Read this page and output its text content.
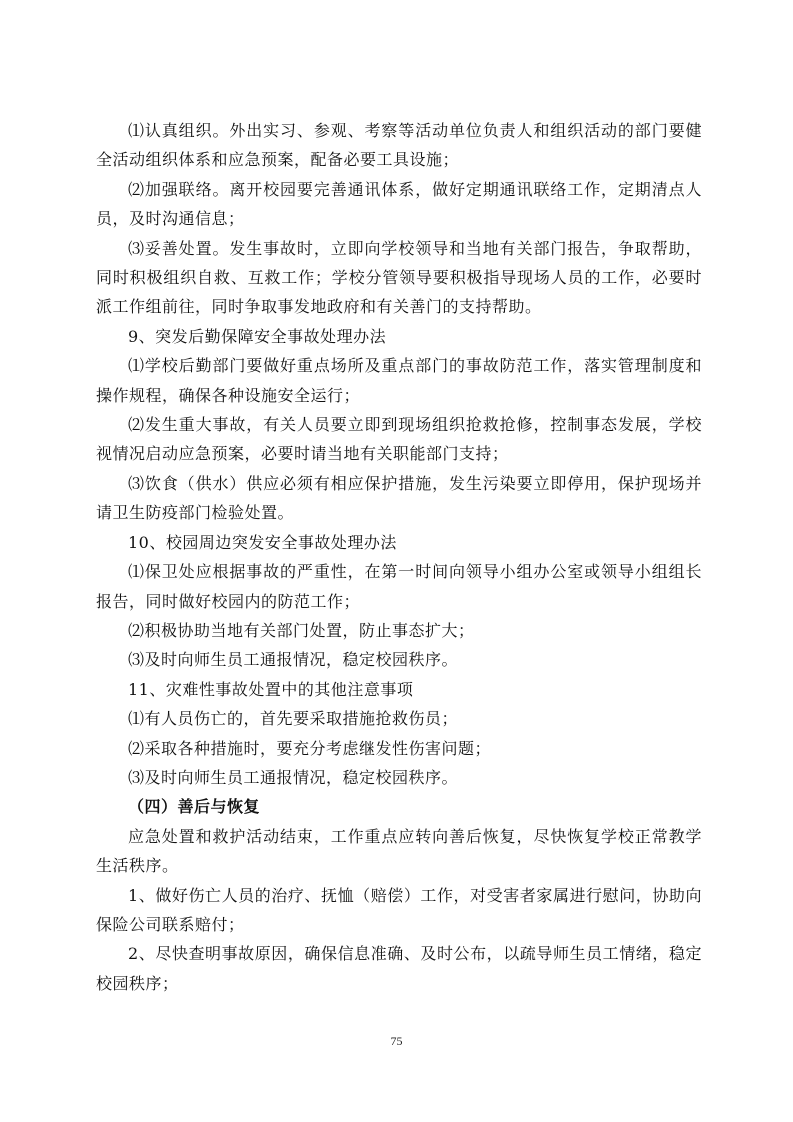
⑴认真组织。外出实习、参观、考察等活动单位负责人和组织活动的部门要健全活动组织体系和应急预案，配备必要工具设施；

⑵加强联络。离开校园要完善通讯体系，做好定期通讯联络工作，定期清点人员，及时沟通信息；

⑶妥善处置。发生事故时，立即向学校领导和当地有关部门报告，争取帮助，同时积极组织自救、互救工作；学校分管领导要积极指导现场人员的工作，必要时派工作组前往，同时争取事发地政府和有关善门的支持帮助。

9、突发后勤保障安全事故处理办法

⑴学校后勤部门要做好重点场所及重点部门的事故防范工作，落实管理制度和操作规程，确保各种设施安全运行；

⑵发生重大事故，有关人员要立即到现场组织抢救抢修，控制事态发展，学校视情况启动应急预案，必要时请当地有关职能部门支持；

⑶饮食（供水）供应必须有相应保护措施，发生污染要立即停用，保护现场并请卫生防疫部门检验处置。

10、校园周边突发安全事故处理办法

⑴保卫处应根据事故的严重性，在第一时间向领导小组办公室或领导小组组长报告，同时做好校园内的防范工作；

⑵积极协助当地有关部门处置，防止事态扩大；

⑶及时向师生员工通报情况，稳定校园秩序。

11、灾难性事故处置中的其他注意事项

⑴有人员伤亡的，首先要采取措施抢救伤员；

⑵采取各种措施时，要充分考虑继发性伤害问题；

⑶及时向师生员工通报情况，稳定校园秩序。

（四）善后与恢复

应急处置和救护活动结束，工作重点应转向善后恢复，尽快恢复学校正常教学生活秩序。

1、做好伤亡人员的治疗、抚恤（赔偿）工作，对受害者家属进行慰问，协助向保险公司联系赔付；

2、尽快查明事故原因，确保信息准确、及时公布，以疏导师生员工情绪，稳定校园秩序；

75
